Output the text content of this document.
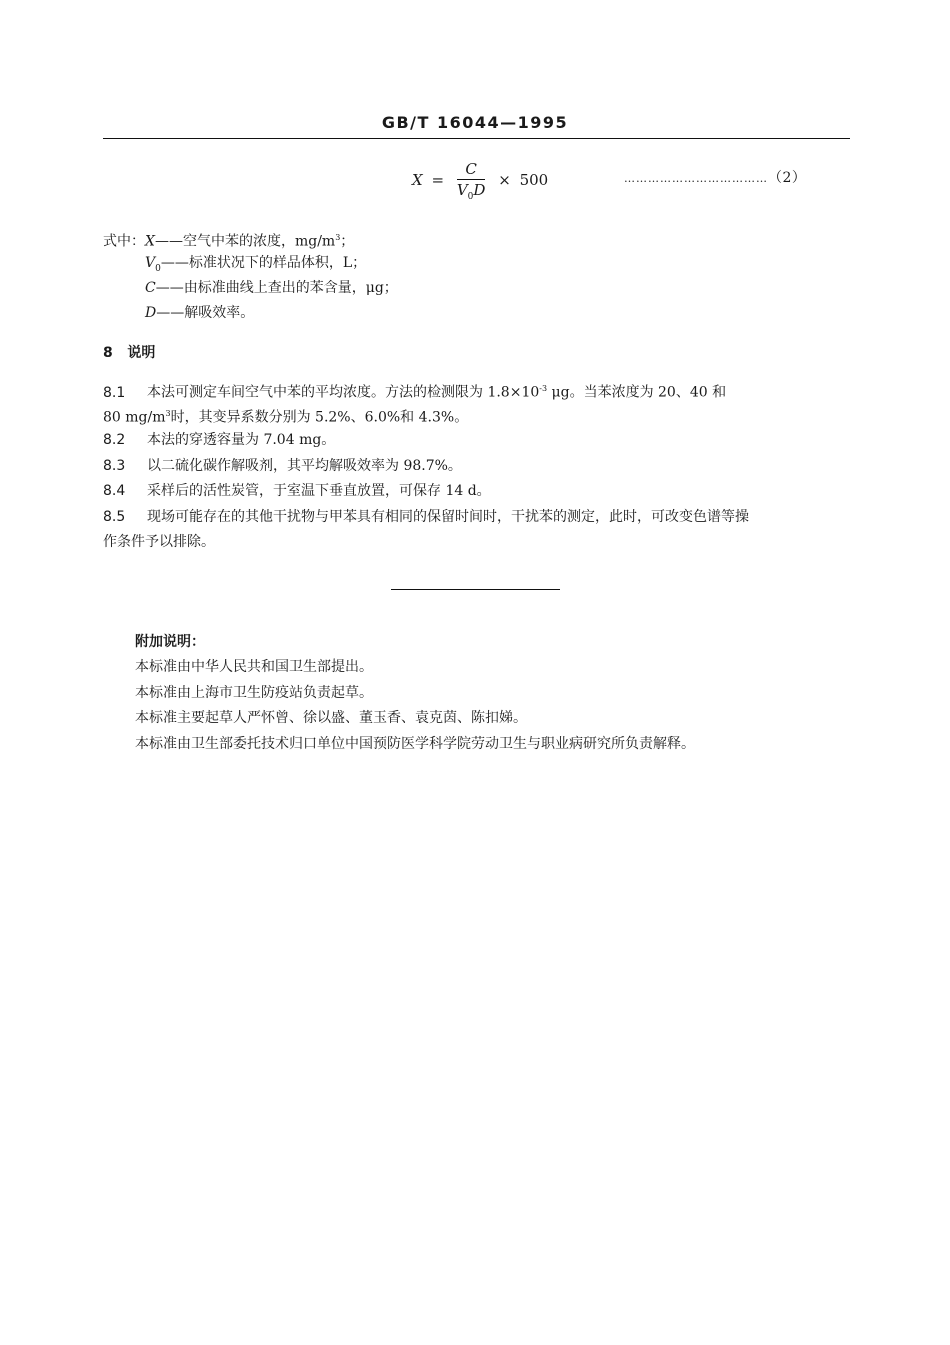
GB/T 16044—1995
$X = \frac{C}{V_0D} \times 500$	………………………………（2）
式中：X——空气中苯的浓度，$mg/m^3$；
$V_0——$标准状况下的样品体积，L；
C——由标准曲线上查出的苯含量，μg；
D——解吸效率。
8 说明
8.1 本法可测定车间空气中苯的平均浓度。方法的检测限为 $1.8\times 10^{-3}$ μg。当苯浓度为 20、40 和
80 $mg/m^3$时，其变异系数分别为 5.2%、6.0%和 4.3%。
8.2 本法的穿透容量为 7.04 mg。
8.3 以二硫化碳作解吸剂，其平均解吸效率为 98.7%。
8.4 采样后的活性炭管，于室温下垂直放置，可保存 14 d。
8.5 现场可能存在的其他干扰物与甲苯具有相同的保留时间时，干扰苯的测定，此时，可改变色谱等操
作条件予以排除。
附加说明：
本标准由中华人民共和国卫生部提出。
本标准由上海市卫生防疫站负责起草。
本标准主要起草人严怀曾、徐以盛、董玉香、袁克茵、陈扣娣。
本标准由卫生部委托技术归口单位中国预防医学科学院劳动卫生与职业病研究所负责解释。
